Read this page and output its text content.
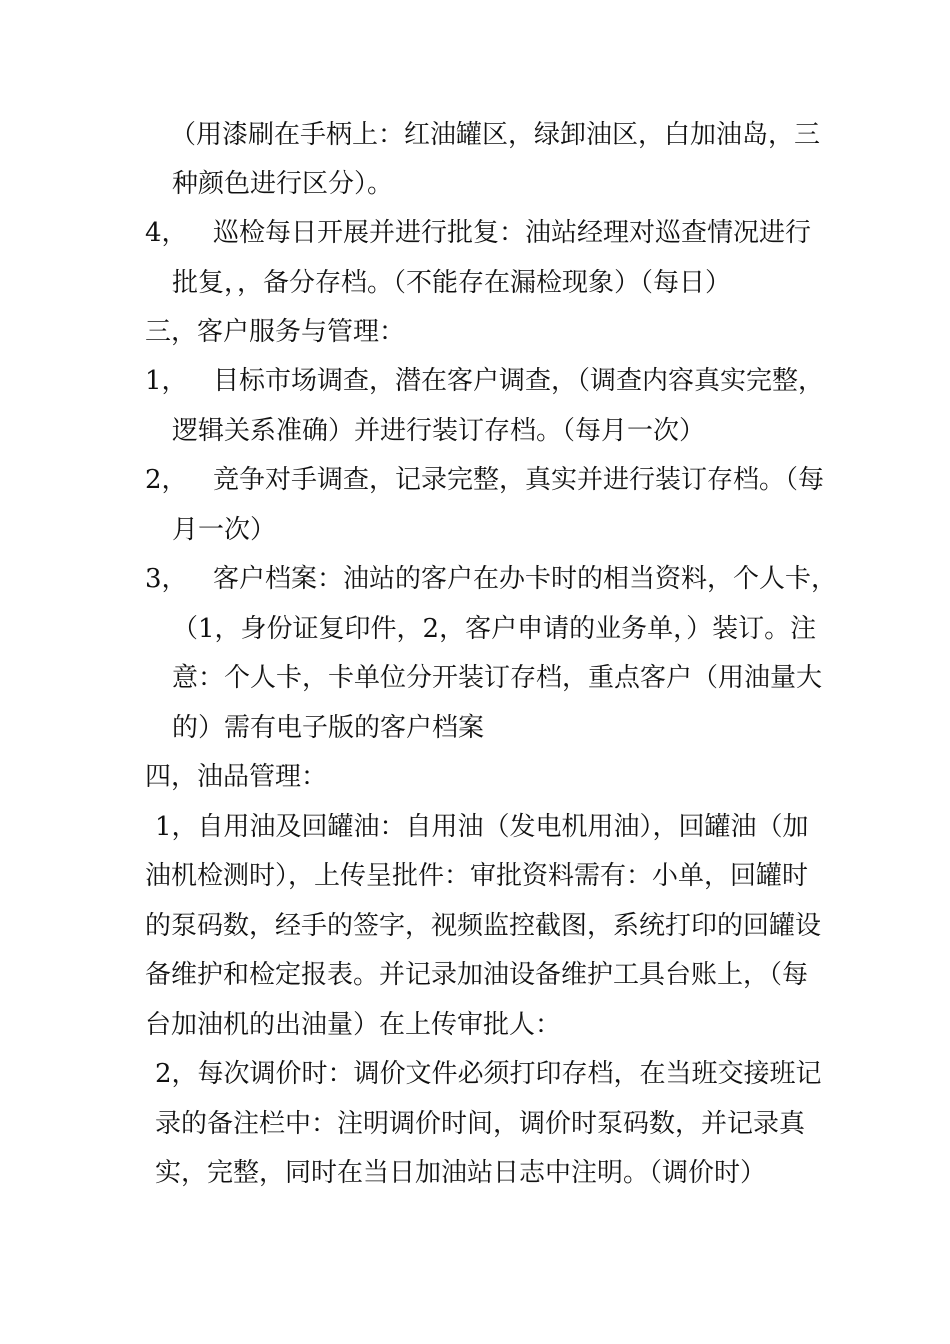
（用漆刷在手柄上：红油罐区，绿卸油区，白加油岛，三
种颜色进行区分）。
4， 巡检每日开展并进行批复：油站经理对巡查情况进行
批复，，备分存档。（不能存在漏检现象）（每日）
三，客户服务与管理：
1， 目标市场调查，潜在客户调查，（调查内容真实完整，
逻辑关系准确）并进行装订存档。（每月一次）
2， 竞争对手调查，记录完整，真实并进行装订存档。（每
月一次）
3， 客户档案：油站的客户在办卡时的相当资料，个人卡，
（1，身份证复印件，2，客户申请的业务单，）装订。注
意：个人卡，卡单位分开装订存档，重点客户（用油量大
的）需有电子版的客户档案
四，油品管理：
1，自用油及回罐油：自用油（发电机用油），回罐油（加
油机检测时），上传呈批件：审批资料需有：小单，回罐时
的泵码数，经手的签字，视频监控截图，系统打印的回罐设
备维护和检定报表。并记录加油设备维护工具台账上，（每
台加油机的出油量）在上传审批人：
2，每次调价时：调价文件必须打印存档，在当班交接班记
录的备注栏中：注明调价时间，调价时泵码数，并记录真
实，完整，同时在当日加油站日志中注明。（调价时）
